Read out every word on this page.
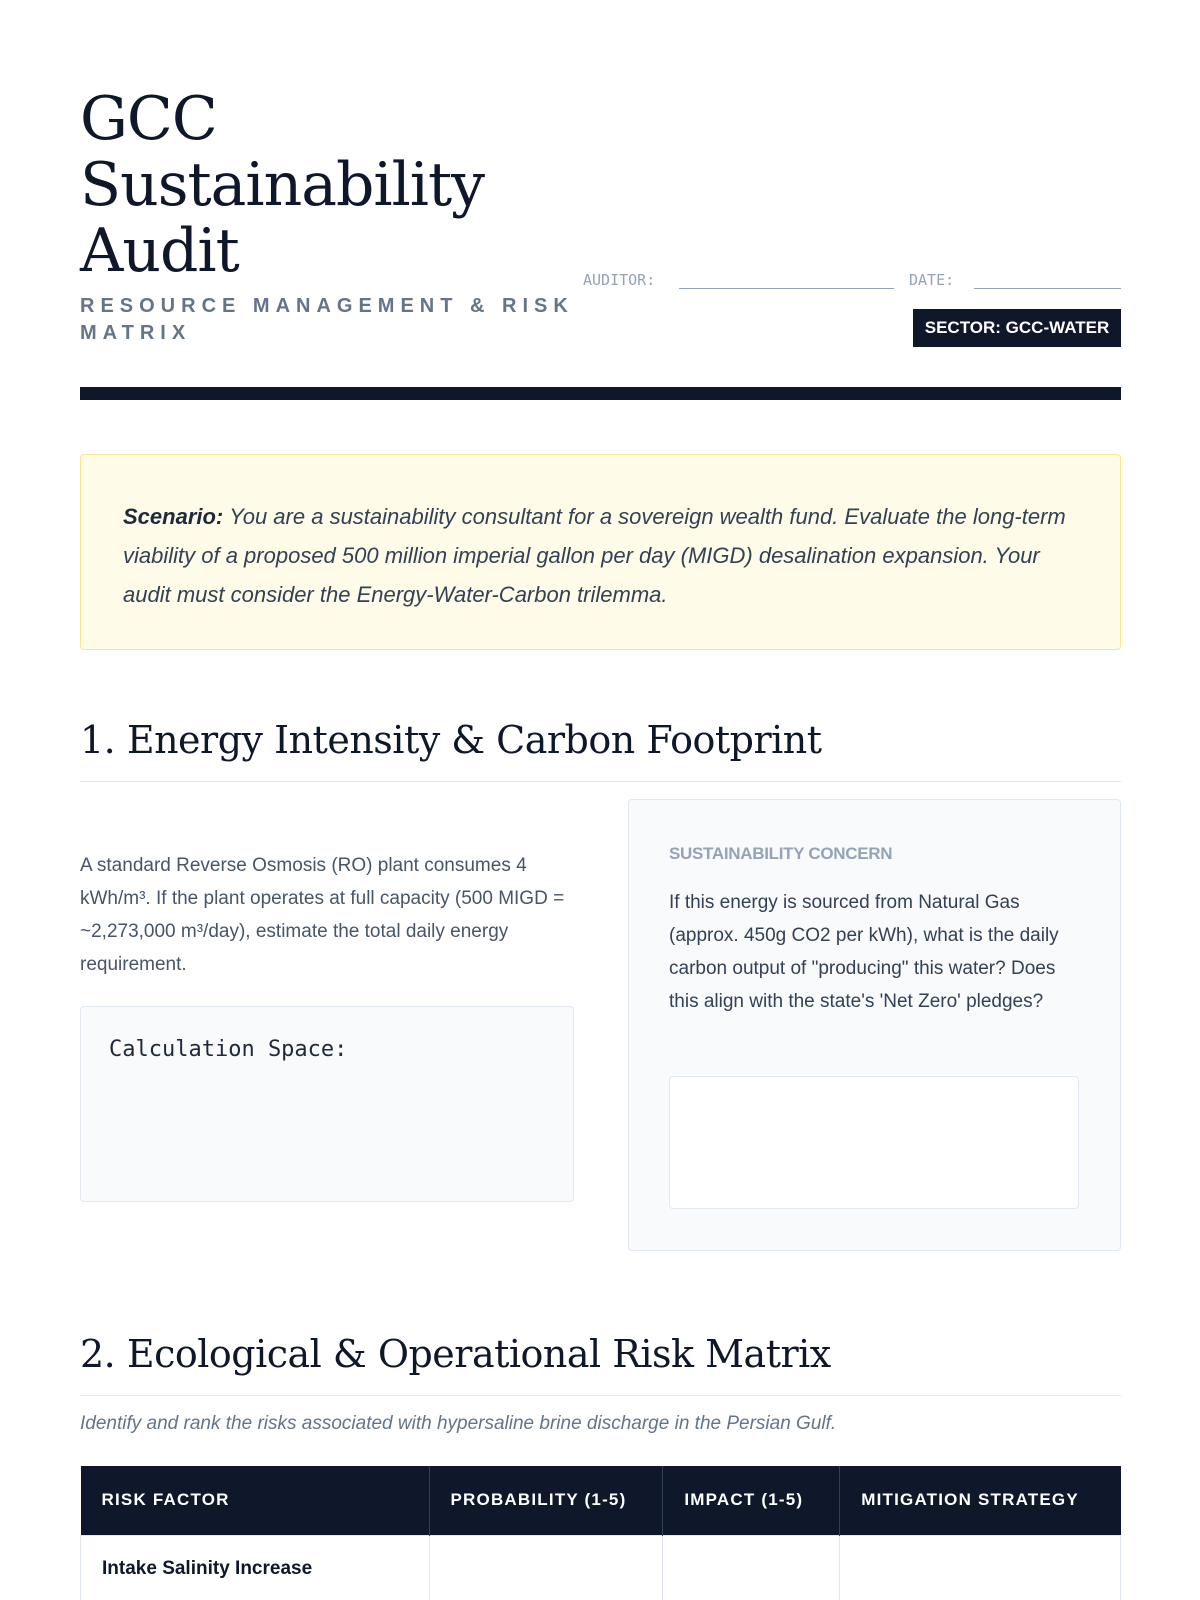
GCC Sustainability Audit
RESOURCE MANAGEMENT & RISK MATRIX
AUDITOR:	DATE:
SECTOR: GCC-WATER
Scenario: You are a sustainability consultant for a sovereign wealth fund. Evaluate the long-term viability of a proposed 500 million imperial gallon per day (MIGD) desalination expansion. Your audit must consider the Energy-Water-Carbon trilemma.
1. Energy Intensity & Carbon Footprint

A standard Reverse Osmosis (RO) plant consumes 4 kWh/m³. If the plant operates at full capacity (500 MIGD = ~2,273,000 m³/day), estimate the total daily energy requirement.

Calculation Space:
SUSTAINABILITY CONCERN

If this energy is sourced from Natural Gas (approx. 450g CO2 per kWh), what is the daily carbon output of "producing" this water? Does this align with the state's 'Net Zero' pledges?

2. Ecological & Operational Risk Matrix

Identify and rank the risks associated with hypersaline brine discharge in the Persian Gulf.

RISK FACTOR	PROBABILITY (1-5)	IMPACT (1-5)	MITIGATION STRATEGY
Intake Salinity Increase			
